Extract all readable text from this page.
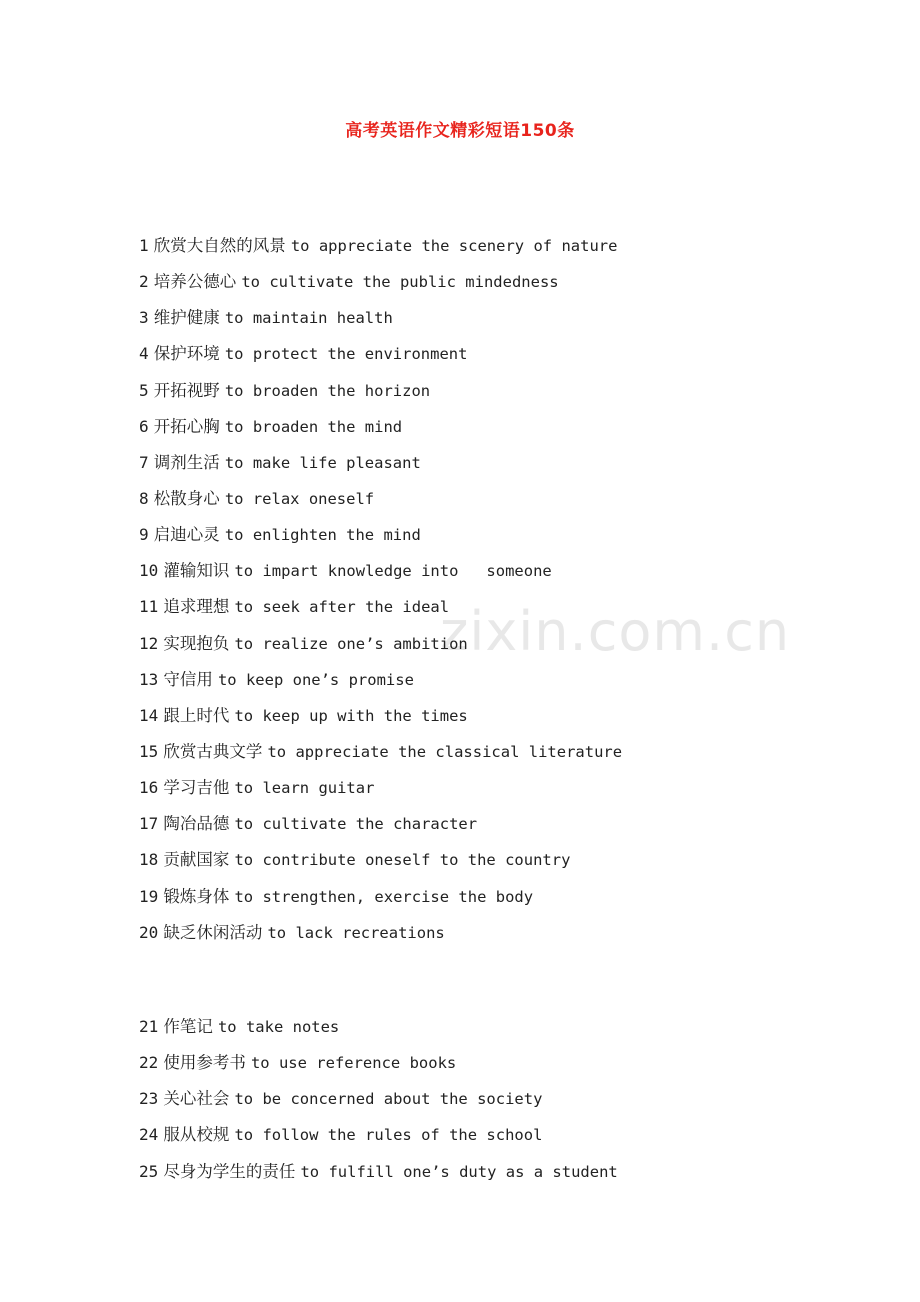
高考英语作文精彩短语150条
zixin.com.cn
1 欣赏大自然的风景 to appreciate the scenery of nature
2 培养公德心 to cultivate the public mindedness
3 维护健康 to maintain health
4 保护环境 to protect the environment
5 开拓视野 to broaden the horizon
6 开拓心胸 to broaden the mind
7 调剂生活 to make life pleasant
8 松散身心 to relax oneself
9 启迪心灵 to enlighten the mind
10 灌输知识 to impart knowledge into   someone
11 追求理想 to seek after the ideal
12 实现抱负 to realize one’s ambition
13 守信用 to keep one’s promise
14 跟上时代 to keep up with the times
15 欣赏古典文学 to appreciate the classical literature
16 学习吉他 to learn guitar
17 陶冶品德 to cultivate the character
18 贡献国家 to contribute oneself to the country
19 锻炼身体 to strengthen, exercise the body
20 缺乏休闲活动 to lack recreations
21 作笔记 to take notes
22 使用参考书 to use reference books
23 关心社会 to be concerned about the society
24 服从校规 to follow the rules of the school
25 尽身为学生的责任 to fulfill one’s duty as a student
